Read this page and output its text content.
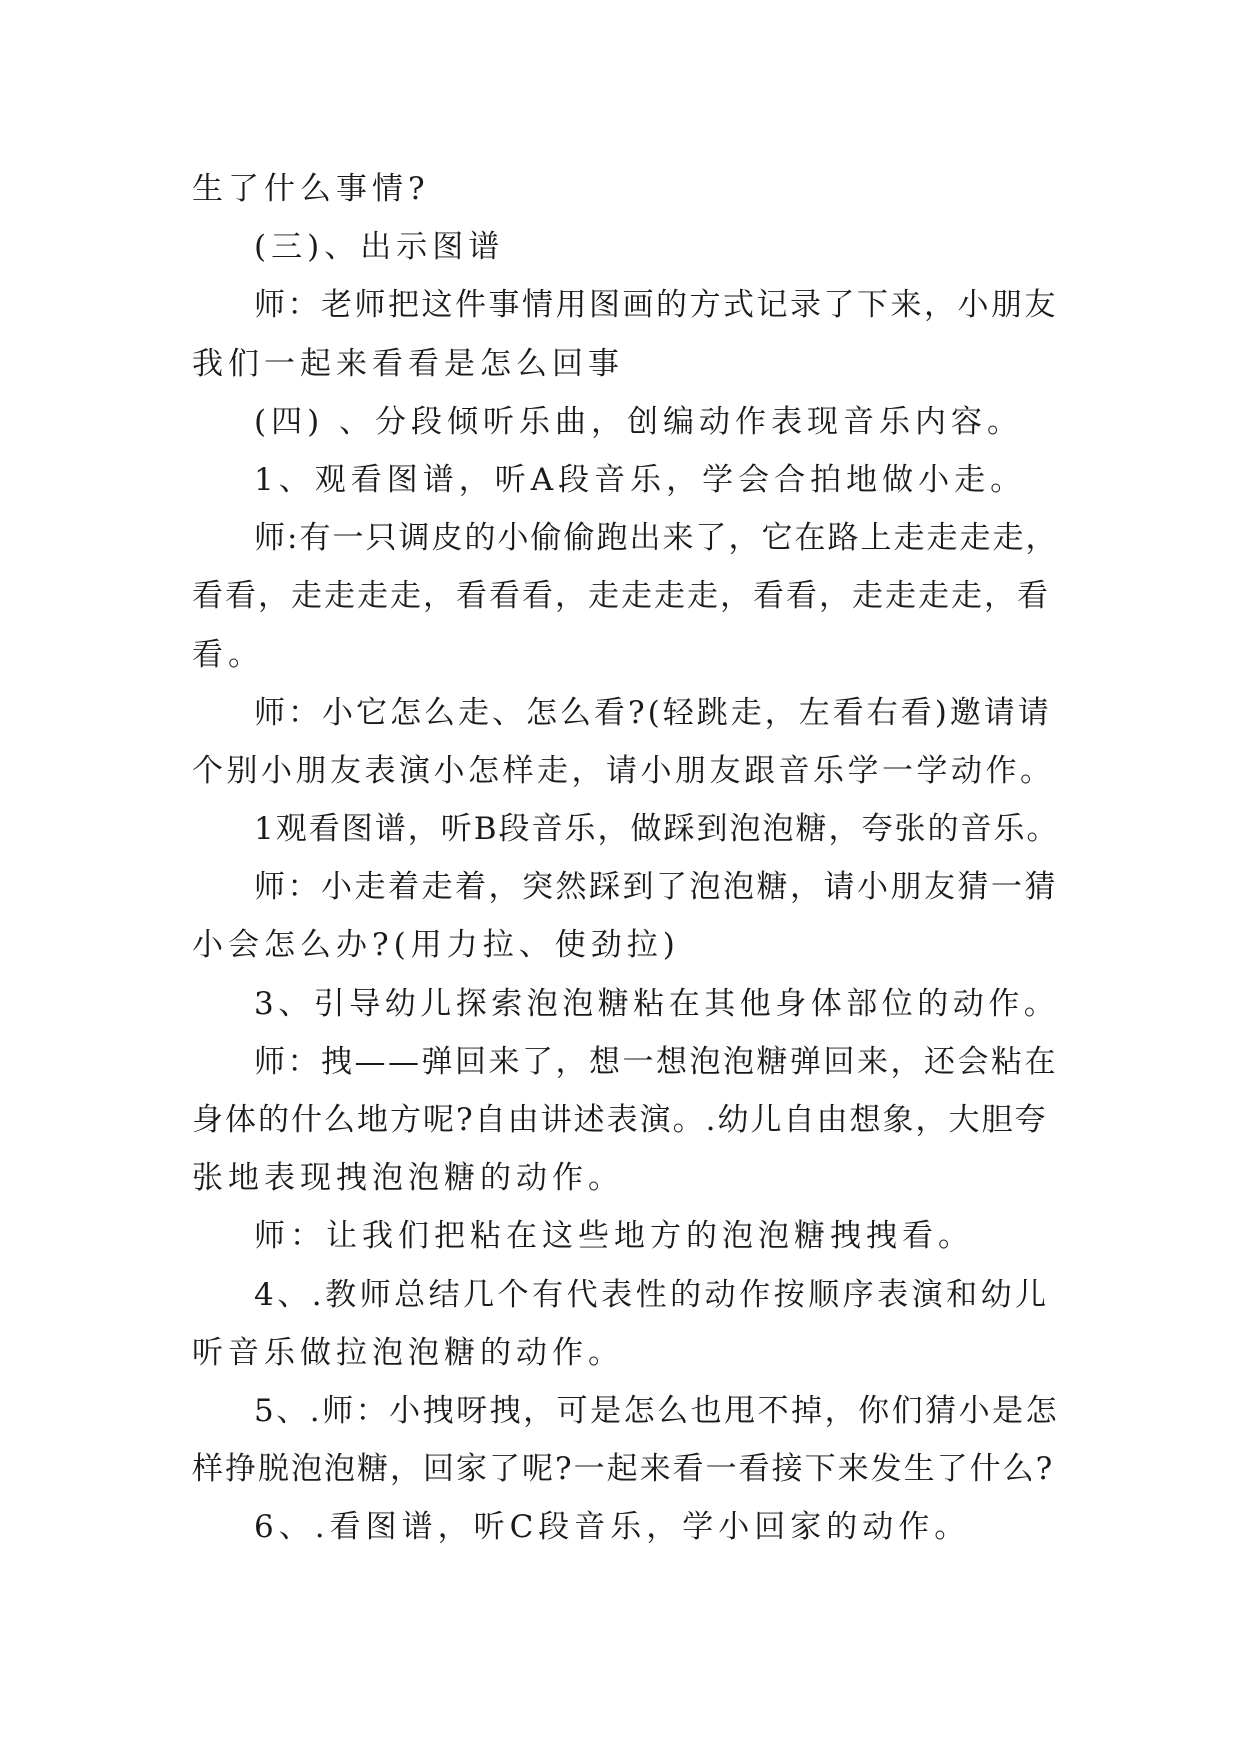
生了什么事情?
(三)、出示图谱
师：老师把这件事情用图画的方式记录了下来，小朋友
我们一起来看看是怎么回事
(四) 、分段倾听乐曲，创编动作表现音乐内容。
1、观看图谱，听A段音乐，学会合拍地做小走。
师:有一只调皮的小偷偷跑出来了，它在路上走走走走，
看看，走走走走，看看看，走走走走，看看，走走走走，看
看。
师：小它怎么走、怎么看?(轻跳走，左看右看)邀请请
个别小朋友表演小怎样走，请小朋友跟音乐学一学动作。
1观看图谱，听B段音乐，做踩到泡泡糖，夸张的音乐。
师：小走着走着，突然踩到了泡泡糖，请小朋友猜一猜
小会怎么办?(用力拉、使劲拉)
3、引导幼儿探索泡泡糖粘在其他身体部位的动作。
师：拽——弹回来了，想一想泡泡糖弹回来，还会粘在
身体的什么地方呢?自由讲述表演。.幼儿自由想象，大胆夸
张地表现拽泡泡糖的动作。
师：让我们把粘在这些地方的泡泡糖拽拽看。
4、.教师总结几个有代表性的动作按顺序表演和幼儿
听音乐做拉泡泡糖的动作。
5、.师：小拽呀拽，可是怎么也甩不掉，你们猜小是怎
样挣脱泡泡糖，回家了呢?一起来看一看接下来发生了什么?
6、.看图谱，听C段音乐，学小回家的动作。
